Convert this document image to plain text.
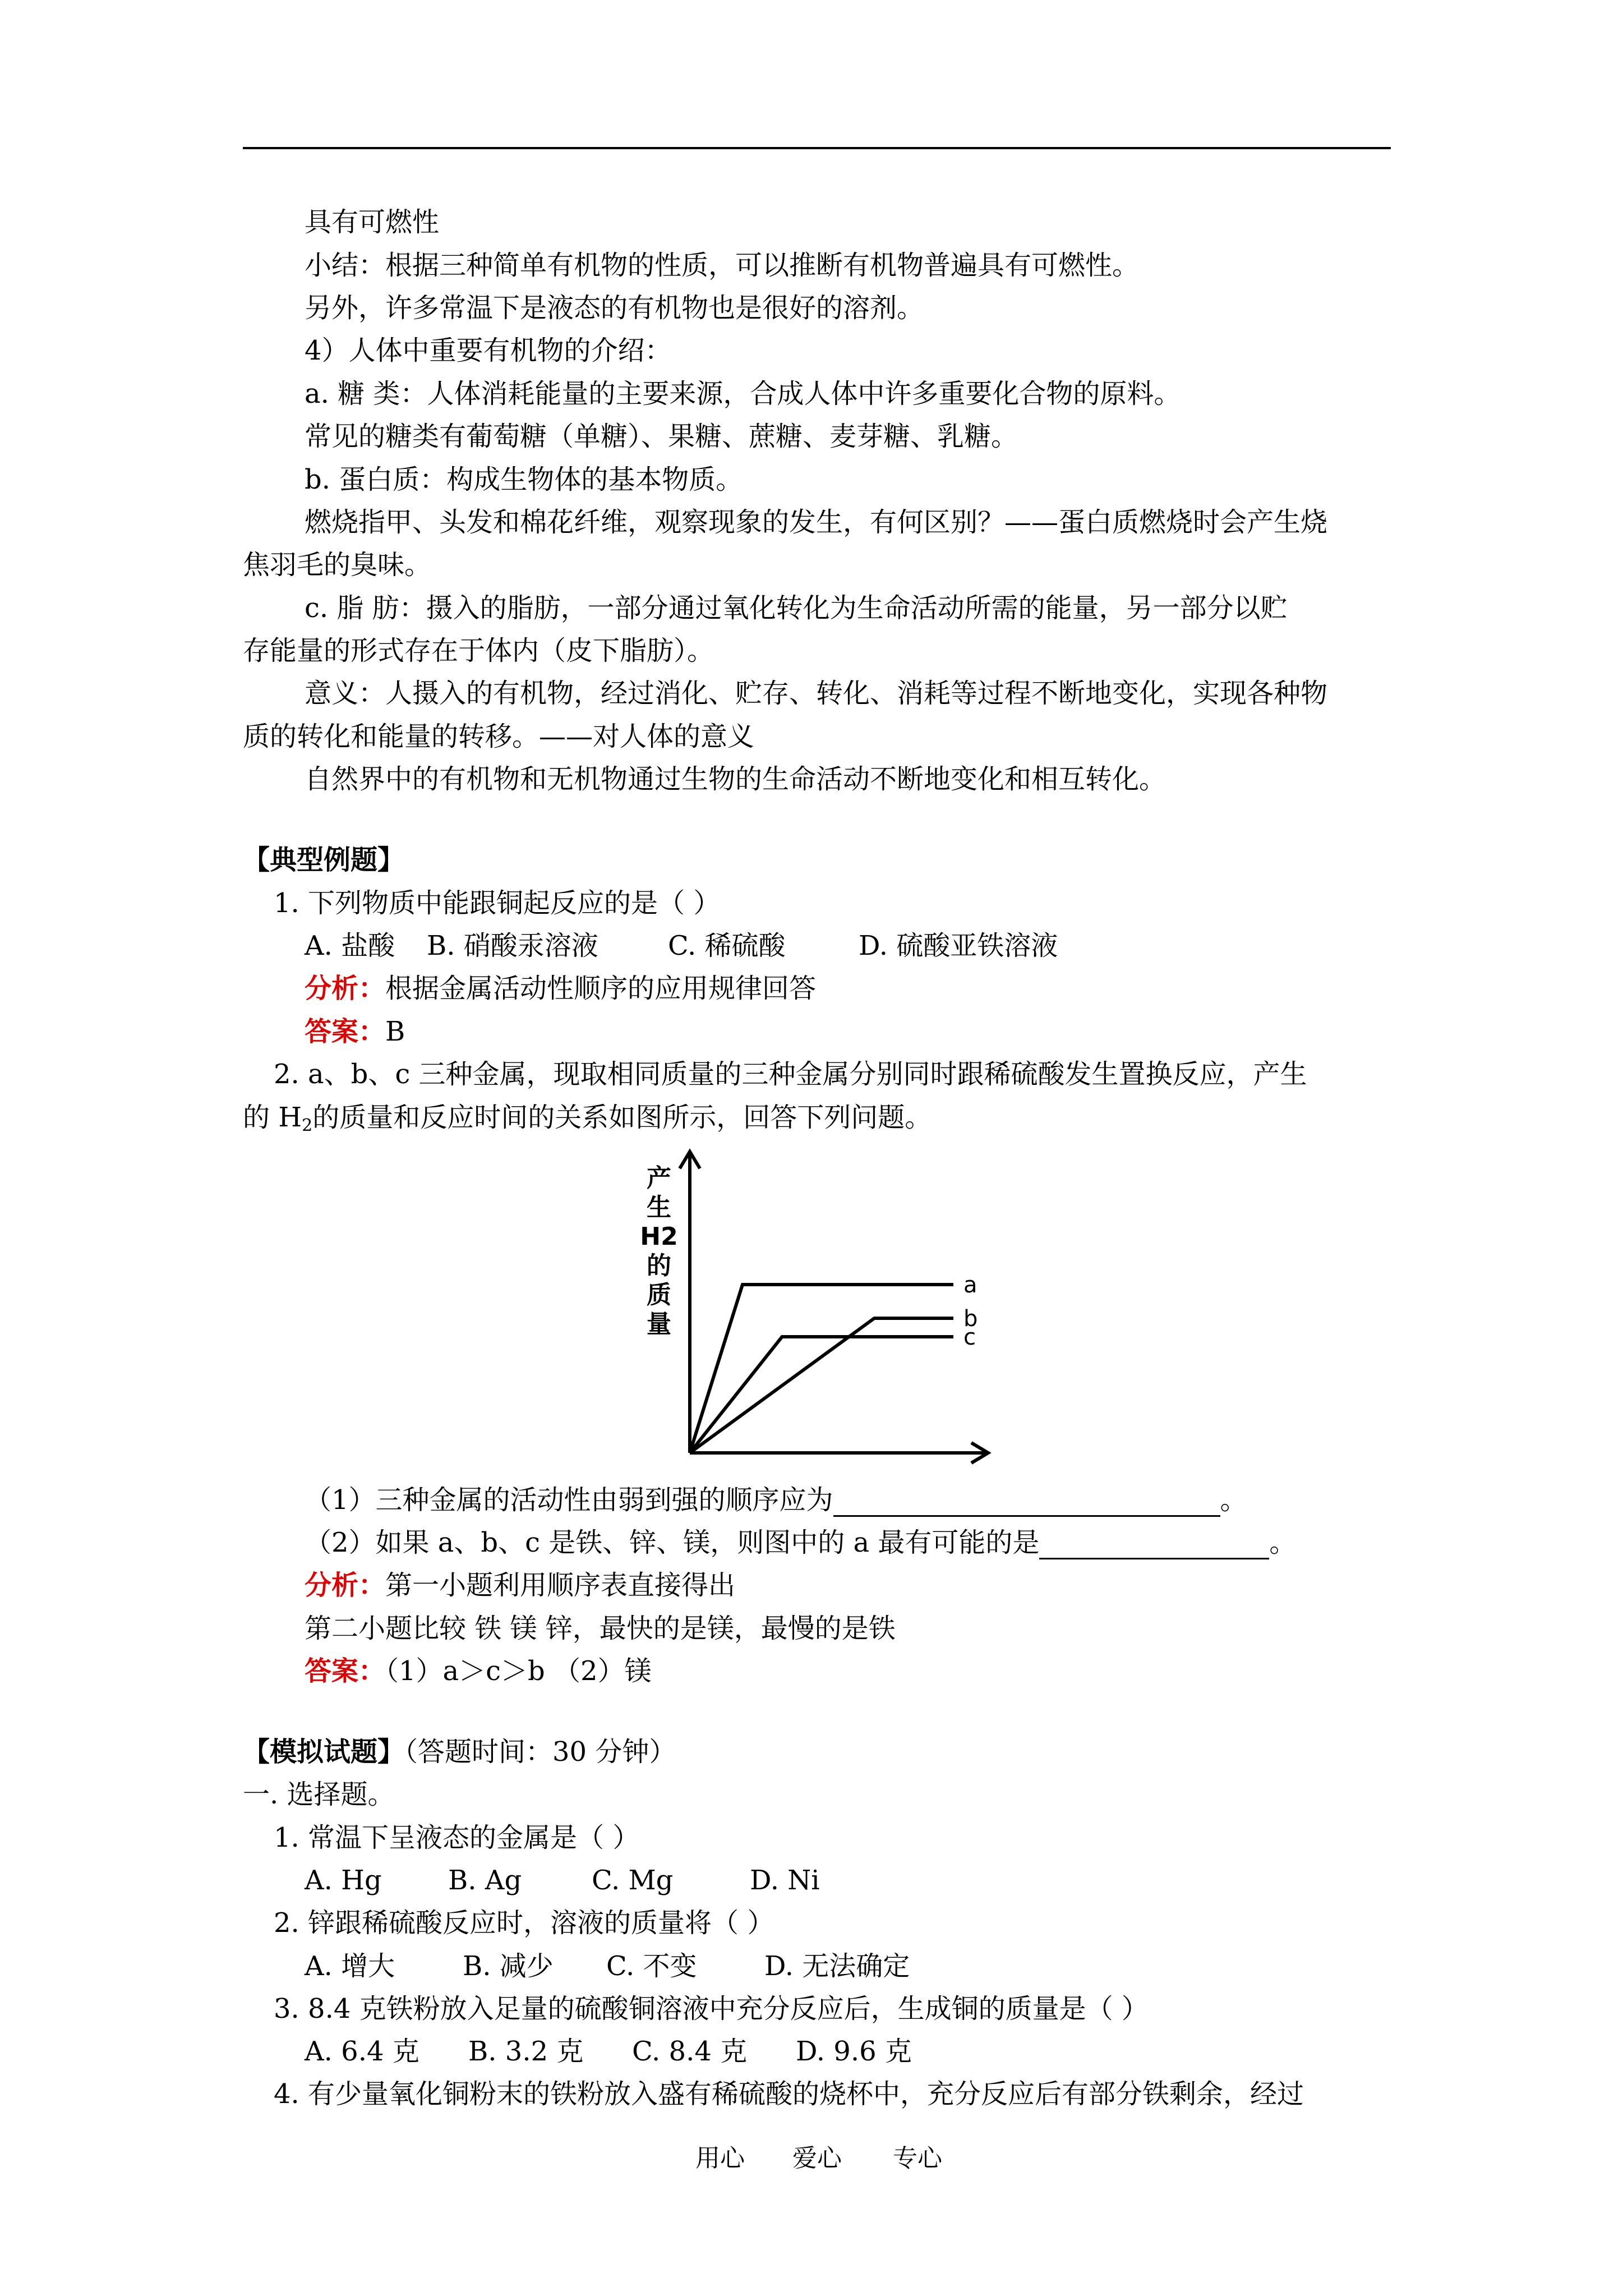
具有可燃性
小结：根据三种简单有机物的性质，可以推断有机物普遍具有可燃性。
另外，许多常温下是液态的有机物也是很好的溶剂。
4）人体中重要有机物的介绍：
a. 糖 类：人体消耗能量的主要来源，合成人体中许多重要化合物的原料。
常见的糖类有葡萄糖（单糖）、果糖、蔗糖、麦芽糖、乳糖。
b. 蛋白质：构成生物体的基本物质。
燃烧指甲、头发和棉花纤维，观察现象的发生，有何区别？——蛋白质燃烧时会产生烧
焦羽毛的臭味。
c. 脂 肪：摄入的脂肪，一部分通过氧化转化为生命活动所需的能量，另一部分以贮
存能量的形式存在于体内（皮下脂肪）。
意义：人摄入的有机物，经过消化、贮存、转化、消耗等过程不断地变化，实现各种物
质的转化和能量的转移。——对人体的意义
自然界中的有机物和无机物通过生物的生命活动不断地变化和相互转化。
【典型例题】
1. 下列物质中能跟铜起反应的是（ ）
A. 盐酸 B. 硝酸汞溶液	C. 稀硫酸	D. 硫酸亚铁溶液
分析：根据金属活动性顺序的应用规律回答
答案：B
2. a、b、c 三种金属，现取相同质量的三种金属分别同时跟稀硫酸发生置换反应，产生
的 $H_2$的质量和反应时间的关系如图所示，回答下列问题。
产
生
H2
的
质
量
a
b
c
（1）三种金属的活动性由弱到强的顺序应为	。
（2）如果 a、b、c 是铁、锌、镁，则图中的 a 最有可能的是	。
分析：第一小题利用顺序表直接得出
第二小题比较 铁 镁 锌，最快的是镁，最慢的是铁
答案：（1）a＞c＞b （2）镁
【模拟试题】（答题时间：30 分钟）
一. 选择题。
1. 常温下呈液态的金属是（ ）
A. Hg B. Ag	C. Mg	D. Ni
2. 锌跟稀硫酸反应时，溶液的质量将（ ）
A. 增大	B. 减少 C. 不变	D. 无法确定
3. 8.4 克铁粉放入足量的硫酸铜溶液中充分反应后，生成铜的质量是（ ）
A. 6.4 克 B. 3.2 克 C. 8.4 克 D. 9.6 克
4. 有少量氧化铜粉末的铁粉放入盛有稀硫酸的烧杯中，充分反应后有部分铁剩余，经过
用心 爱心 专心
